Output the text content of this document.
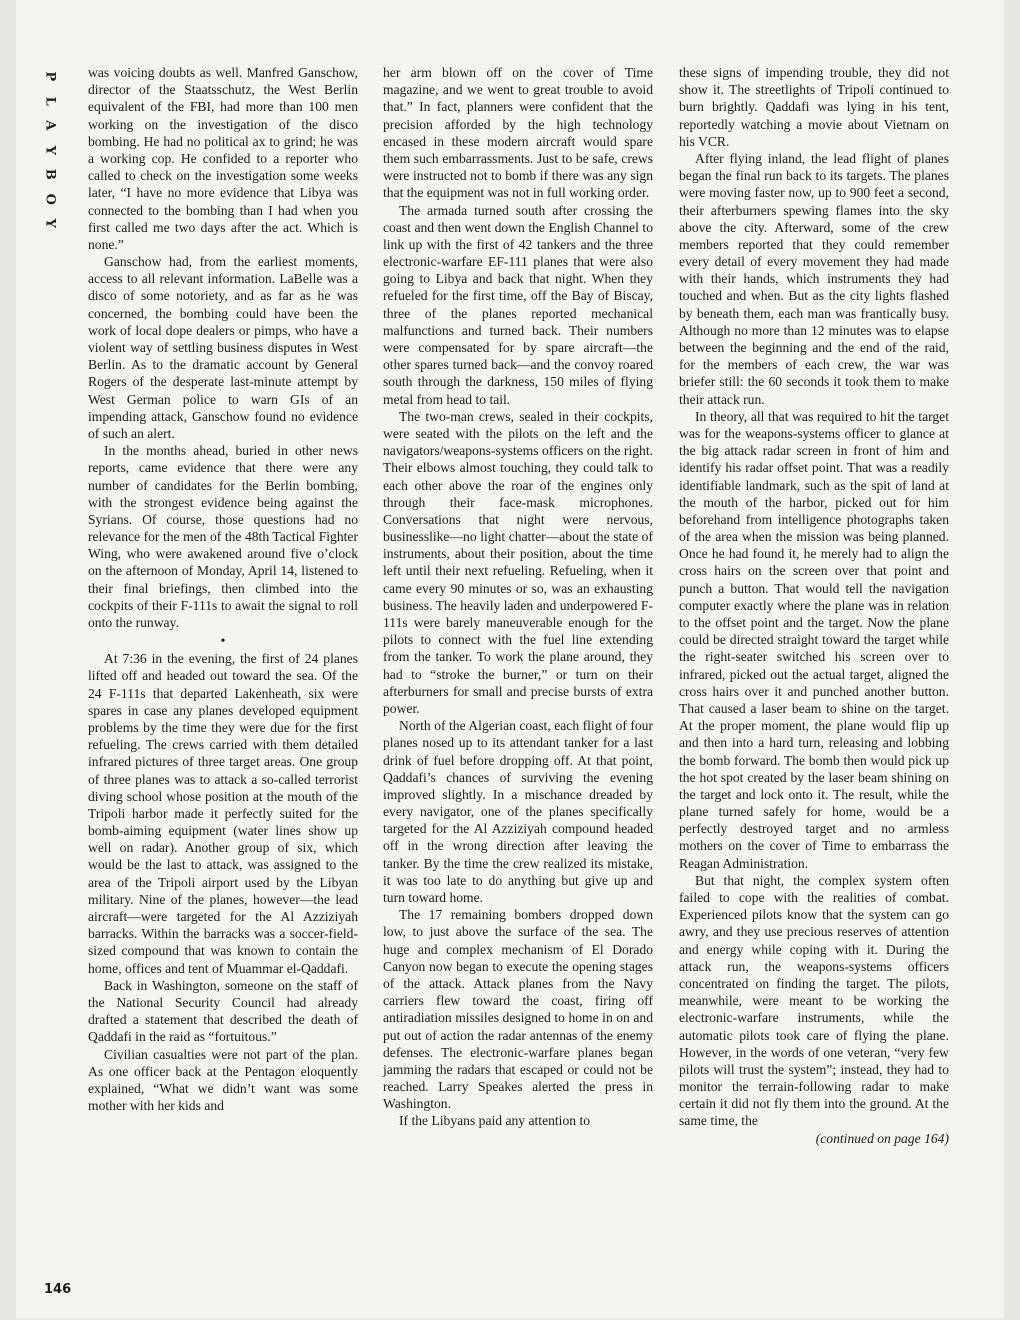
P
L
A
Y
B
O
Y

was voicing doubts as well. Manfred Ganschow, director of the Staatsschutz, the West Berlin equivalent of the FBI, had more than 100 men working on the investigation of the disco bombing. He had no political ax to grind; he was a working cop. He confided to a reporter who called to check on the investigation some weeks later, “I have no more evidence that Libya was connected to the bombing than I had when you first called me two days after the act. Which is none.”

Ganschow had, from the earliest moments, access to all relevant information. LaBelle was a disco of some notoriety, and as far as he was concerned, the bombing could have been the work of local dope dealers or pimps, who have a violent way of settling business disputes in West Berlin. As to the dramatic account by General Rogers of the desperate last-minute attempt by West German police to warn GIs of an impending attack, Ganschow found no evidence of such an alert.

In the months ahead, buried in other news reports, came evidence that there were any number of candidates for the Berlin bombing, with the strongest evidence being against the Syrians. Of course, those questions had no relevance for the men of the 48th Tactical Fighter Wing, who were awakened around five o’clock on the afternoon of Monday, April 14, listened to their final briefings, then climbed into the cockpits of their F-111s to await the signal to roll onto the runway.

•

At 7:36 in the evening, the first of 24 planes lifted off and headed out toward the sea. Of the 24 F-111s that departed Lakenheath, six were spares in case any planes developed equipment problems by the time they were due for the first refueling. The crews carried with them detailed infrared pictures of three target areas. One group of three planes was to attack a so-called terrorist diving school whose position at the mouth of the Tripoli harbor made it perfectly suited for the bomb-aiming equipment (water lines show up well on radar). Another group of six, which would be the last to attack, was assigned to the area of the Tripoli airport used by the Libyan military. Nine of the planes, however—the lead aircraft—were targeted for the Al Azziziyah barracks. Within the barracks was a soccer-field-sized compound that was known to contain the home, offices and tent of Muammar el-Qaddafi.

Back in Washington, someone on the staff of the National Security Council had already drafted a statement that described the death of Qaddafi in the raid as “fortuitous.”

Civilian casualties were not part of the plan. As one officer back at the Pentagon eloquently explained, “What we didn’t want was some mother with her kids and

her arm blown off on the cover of Time magazine, and we went to great trouble to avoid that.” In fact, planners were confident that the precision afforded by the high technology encased in these modern aircraft would spare them such embarrassments. Just to be safe, crews were instructed not to bomb if there was any sign that the equipment was not in full working order.

The armada turned south after crossing the coast and then went down the English Channel to link up with the first of 42 tankers and the three electronic-warfare EF-111 planes that were also going to Libya and back that night. When they refueled for the first time, off the Bay of Biscay, three of the planes reported mechanical malfunctions and turned back. Their numbers were compensated for by spare aircraft—the other spares turned back—and the convoy roared south through the darkness, 150 miles of flying metal from head to tail.

The two-man crews, sealed in their cockpits, were seated with the pilots on the left and the navigators/weapons-systems officers on the right. Their elbows almost touching, they could talk to each other above the roar of the engines only through their face-mask microphones. Conversations that night were nervous, businesslike—no light chatter—about the state of instruments, about their position, about the time left until their next refueling. Refueling, when it came every 90 minutes or so, was an exhausting business. The heavily laden and underpowered F-111s were barely maneuverable enough for the pilots to connect with the fuel line extending from the tanker. To work the plane around, they had to “stroke the burner,” or turn on their afterburners for small and precise bursts of extra power.

North of the Algerian coast, each flight of four planes nosed up to its attendant tanker for a last drink of fuel before dropping off. At that point, Qaddafi’s chances of surviving the evening improved slightly. In a mischance dreaded by every navigator, one of the planes specifically targeted for the Al Azziziyah compound headed off in the wrong direction after leaving the tanker. By the time the crew realized its mistake, it was too late to do anything but give up and turn toward home.

The 17 remaining bombers dropped down low, to just above the surface of the sea. The huge and complex mechanism of El Dorado Canyon now began to execute the opening stages of the attack. Attack planes from the Navy carriers flew toward the coast, firing off antiradiation missiles designed to home in on and put out of action the radar antennas of the enemy defenses. The electronic-warfare planes began jamming the radars that escaped or could not be reached. Larry Speakes alerted the press in Washington.

If the Libyans paid any attention to

these signs of impending trouble, they did not show it. The streetlights of Tripoli continued to burn brightly. Qaddafi was lying in his tent, reportedly watching a movie about Vietnam on his VCR.

After flying inland, the lead flight of planes began the final run back to its targets. The planes were moving faster now, up to 900 feet a second, their afterburners spewing flames into the sky above the city. Afterward, some of the crew members reported that they could remember every detail of every movement they had made with their hands, which instruments they had touched and when. But as the city lights flashed by beneath them, each man was frantically busy. Although no more than 12 minutes was to elapse between the beginning and the end of the raid, for the members of each crew, the war was briefer still: the 60 seconds it took them to make their attack run.

In theory, all that was required to hit the target was for the weapons-systems officer to glance at the big attack radar screen in front of him and identify his radar offset point. That was a readily identifiable landmark, such as the spit of land at the mouth of the harbor, picked out for him beforehand from intelligence photographs taken of the area when the mission was being planned. Once he had found it, he merely had to align the cross hairs on the screen over that point and punch a button. That would tell the navigation computer exactly where the plane was in relation to the offset point and the target. Now the plane could be directed straight toward the target while the right-seater switched his screen over to infrared, picked out the actual target, aligned the cross hairs over it and punched another button. That caused a laser beam to shine on the target. At the proper moment, the plane would flip up and then into a hard turn, releasing and lobbing the bomb forward. The bomb then would pick up the hot spot created by the laser beam shining on the target and lock onto it. The result, while the plane turned safely for home, would be a perfectly destroyed target and no armless mothers on the cover of Time to embarrass the Reagan Administration.

But that night, the complex system often failed to cope with the realities of combat. Experienced pilots know that the system can go awry, and they use precious reserves of attention and energy while coping with it. During the attack run, the weapons-systems officers concentrated on finding the target. The pilots, meanwhile, were meant to be working the electronic-warfare instruments, while the automatic pilots took care of flying the plane. However, in the words of one veteran, “very few pilots will trust the system”; instead, they had to monitor the terrain-following radar to make certain it did not fly them into the ground. At the same time, the

(continued on page 164)

146
